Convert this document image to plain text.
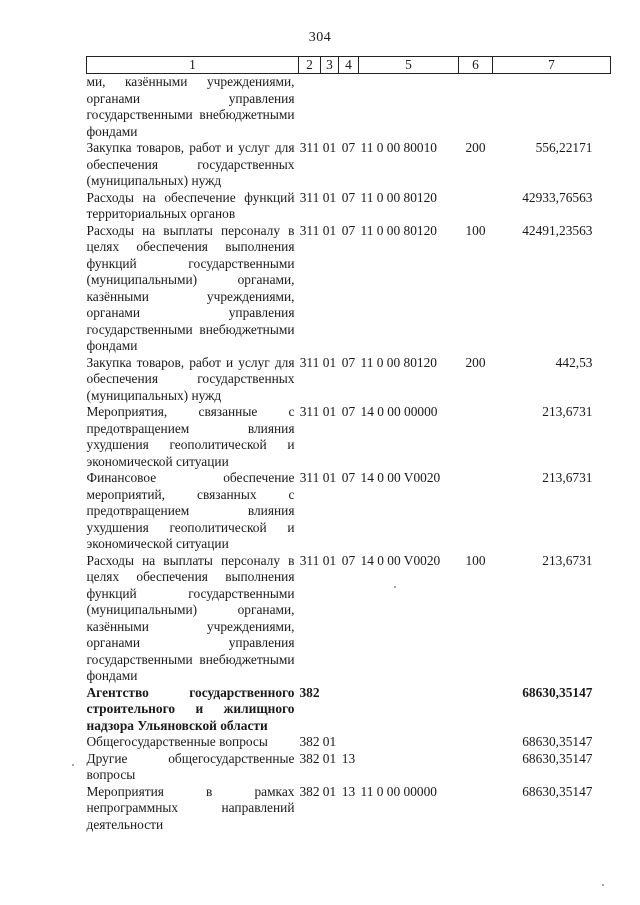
304
1	2	3	4	5	6	7
ми, казёнными учреждениями, органами управления государственными внебюджетными фондами						
Закупка товаров, работ и услуг для обеспечения государственных (муниципальных) нужд	311	01	07	11 0 00 80010	200	556,22171
Расходы на обеспечение функций территориальных органов	311	01	07	11 0 00 80120		42933,76563
Расходы на выплаты персоналу в целях обеспечения выполнения функций государственными (муниципальными) органами, казёнными учреждениями, органами управления государственными внебюджетными фондами	311	01	07	11 0 00 80120	100	42491,23563
Закупка товаров, работ и услуг для обеспечения государственных (муниципальных) нужд	311	01	07	11 0 00 80120	200	442,53
Мероприятия, связанные с предотвращением влияния ухудшения геополитической и экономической ситуации	311	01	07	14 0 00 00000		213,6731
Финансовое обеспечение мероприятий, связанных с предотвращением влияния ухудшения геополитической и экономической ситуации	311	01	07	14 0 00 V0020		213,6731
Расходы на выплаты персоналу в целях обеспечения выполнения функций государственными (муниципальными) органами, казёнными учреждениями, органами управления государственными внебюджетными фондами	311	01	07	14 0 00 V0020	100	213,6731
Агентство государственного строительного и жилищного надзора Ульяновской области	382					68630,35147
Общегосударственные вопросы	382	01				68630,35147
Другие общегосударственные вопросы	382	01	13			68630,35147
Мероприятия в рамках непрограммных направлений деятельности	382	01	13	11 0 00 00000		68630,35147
